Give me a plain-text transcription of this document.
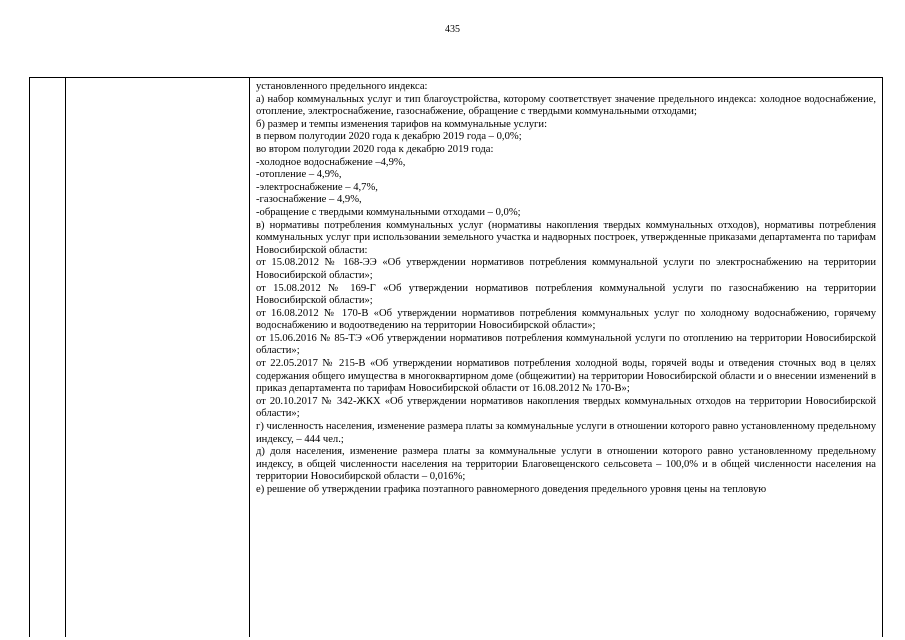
435

установленного предельного индекса:

а) набор коммунальных услуг и тип благоустройства, которому соответствует значение предельного индекса: холодное водоснабжение, отопление, электроснабжение, газоснабжение, обращение с твердыми коммунальными отходами;

б) размер и темпы изменения тарифов на коммунальные услуги:

в первом полугодии 2020 года к декабрю 2019 года – 0,0%;

во втором полугодии 2020 года к декабрю 2019 года:

-холодное водоснабжение –4,9%,

-отопление – 4,9%,

-электроснабжение – 4,7%,

-газоснабжение – 4,9%,

-обращение с твердыми коммунальными отходами – 0,0%;

в) нормативы потребления коммунальных услуг (нормативы накопления твердых коммунальных отходов), нормативы потребления коммунальных услуг при использовании земельного участка и надворных построек, утвержденные приказами департамента по тарифам Новосибирской области:

от 15.08.2012 № 168-ЭЭ «Об утверждении нормативов потребления коммунальной услуги по электроснабжению на территории Новосибирской области»;

от 15.08.2012 № 169-Г «Об утверждении нормативов потребления коммунальной услуги по газоснабжению на территории Новосибирской области»;

от 16.08.2012 № 170-В «Об утверждении нормативов потребления коммунальных услуг по холодному водоснабжению, горячему водоснабжению и водоотведению на территории Новосибирской области»;

от 15.06.2016 № 85-ТЭ «Об утверждении нормативов потребления коммунальной услуги по отоплению на территории Новосибирской области»;

от 22.05.2017 № 215-В «Об утверждении нормативов потребления холодной воды, горячей воды и отведения сточных вод в целях содержания общего имущества в многоквартирном доме (общежитии) на территории Новосибирской области и о внесении изменений в приказ департамента по тарифам Новосибирской области от 16.08.2012 № 170-В»;

от 20.10.2017 № 342-ЖКХ «Об утверждении нормативов накопления твердых коммунальных отходов на территории Новосибирской области»;

г) численность населения, изменение размера платы за коммунальные услуги в отношении которого равно установленному предельному индексу, – 444 чел.;

д) доля населения, изменение размера платы за коммунальные услуги в отношении которого равно установленному предельному индексу, в общей численности населения на территории Благовещенского сельсовета – 100,0% и в общей численности населения на территории Новосибирской области – 0,016%;

е) решение об утверждении графика поэтапного равномерного доведения предельного уровня цены на тепловую
